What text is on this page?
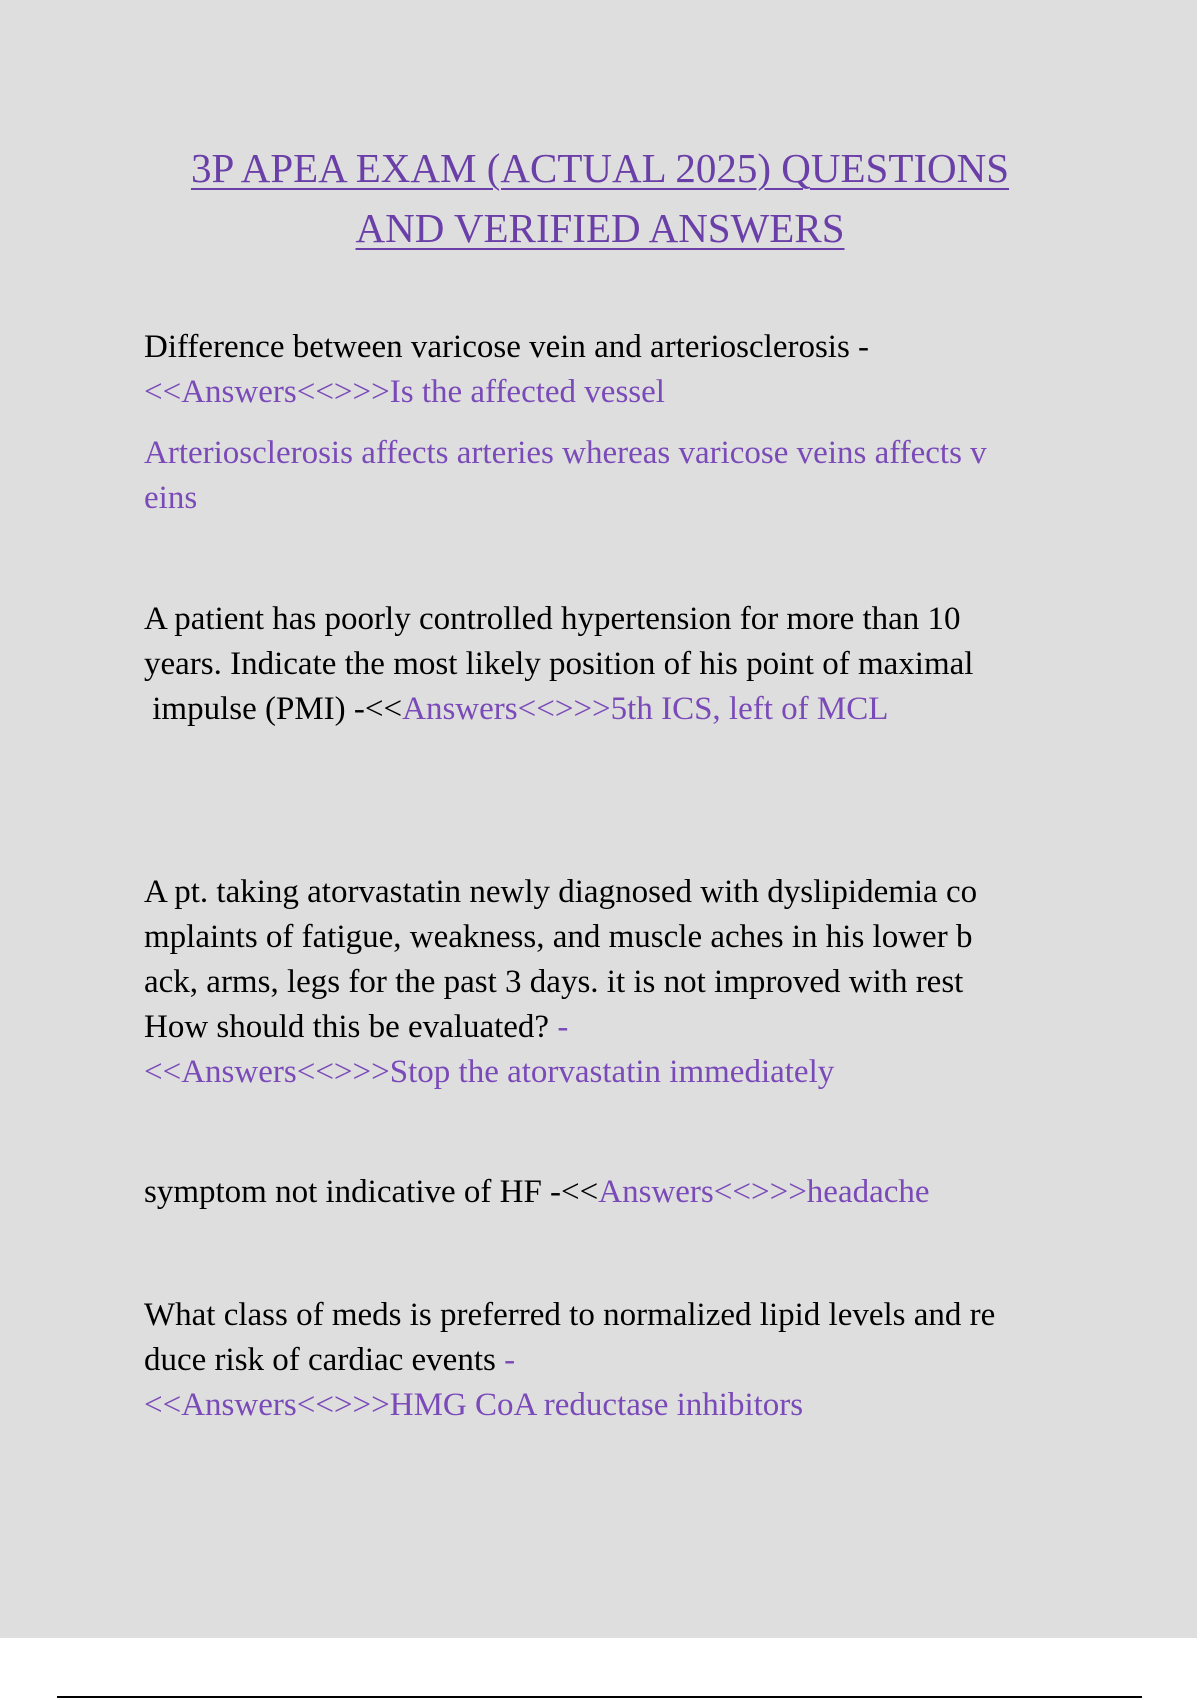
3P APEA EXAM (ACTUAL 2025) QUESTIONS
AND VERIFIED ANSWERS

Difference between varicose vein and arteriosclerosis -

<<Answers<<>>>Is the affected vessel

Arteriosclerosis affects arteries whereas varicose veins affects v

eins

A patient has poorly controlled hypertension for more than 10

years. Indicate the most likely position of his point of maximal

impulse (PMI) -<<Answers<<>>>5th ICS, left of MCL

A pt. taking atorvastatin newly diagnosed with dyslipidemia co

mplaints of fatigue, weakness, and muscle aches in his lower b

ack, arms, legs for the past 3 days. it is not improved with rest

How should this be evaluated? -

<<Answers<<>>>Stop the atorvastatin immediately

symptom not indicative of HF -<<Answers<<>>>headache

What class of meds is preferred to normalized lipid levels and re

duce risk of cardiac events -

<<Answers<<>>>HMG CoA reductase inhibitors
